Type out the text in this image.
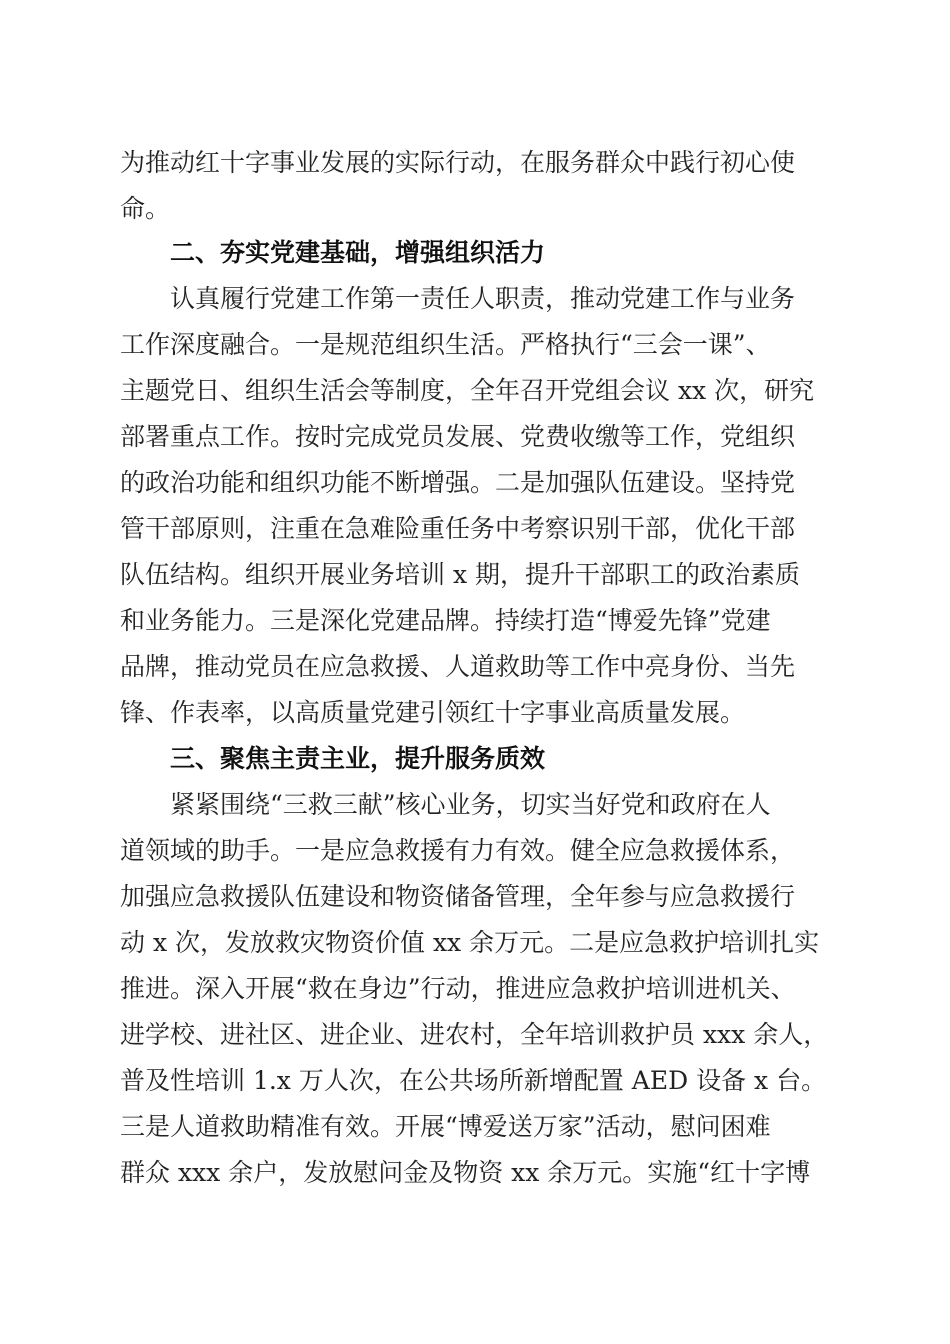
为推动红十字事业发展的实际行动，在服务群众中践行初心使
命。
二、夯实党建基础，增强组织活力
认真履行党建工作第一责任人职责，推动党建工作与业务
工作深度融合。一是规范组织生活。严格执行“三会一课”、
主题党日、组织生活会等制度，全年召开党组会议 xx 次，研究
部署重点工作。按时完成党员发展、党费收缴等工作，党组织
的政治功能和组织功能不断增强。二是加强队伍建设。坚持党
管干部原则，注重在急难险重任务中考察识别干部，优化干部
队伍结构。组织开展业务培训 x 期，提升干部职工的政治素质
和业务能力。三是深化党建品牌。持续打造“博爱先锋”党建
品牌，推动党员在应急救援、人道救助等工作中亮身份、当先
锋、作表率，以高质量党建引领红十字事业高质量发展。
三、聚焦主责主业，提升服务质效
紧紧围绕“三救三献”核心业务，切实当好党和政府在人
道领域的助手。一是应急救援有力有效。健全应急救援体系，
加强应急救援队伍建设和物资储备管理，全年参与应急救援行
动 x 次，发放救灾物资价值 xx 余万元。二是应急救护培训扎实
推进。深入开展“救在身边”行动，推进应急救护培训进机关、
进学校、进社区、进企业、进农村，全年培训救护员 xxx 余人，
普及性培训 1.x 万人次，在公共场所新增配置 AED 设备 x 台。
三是人道救助精准有效。开展“博爱送万家”活动，慰问困难
群众 xxx 余户，发放慰问金及物资 xx 余万元。实施“红十字博
